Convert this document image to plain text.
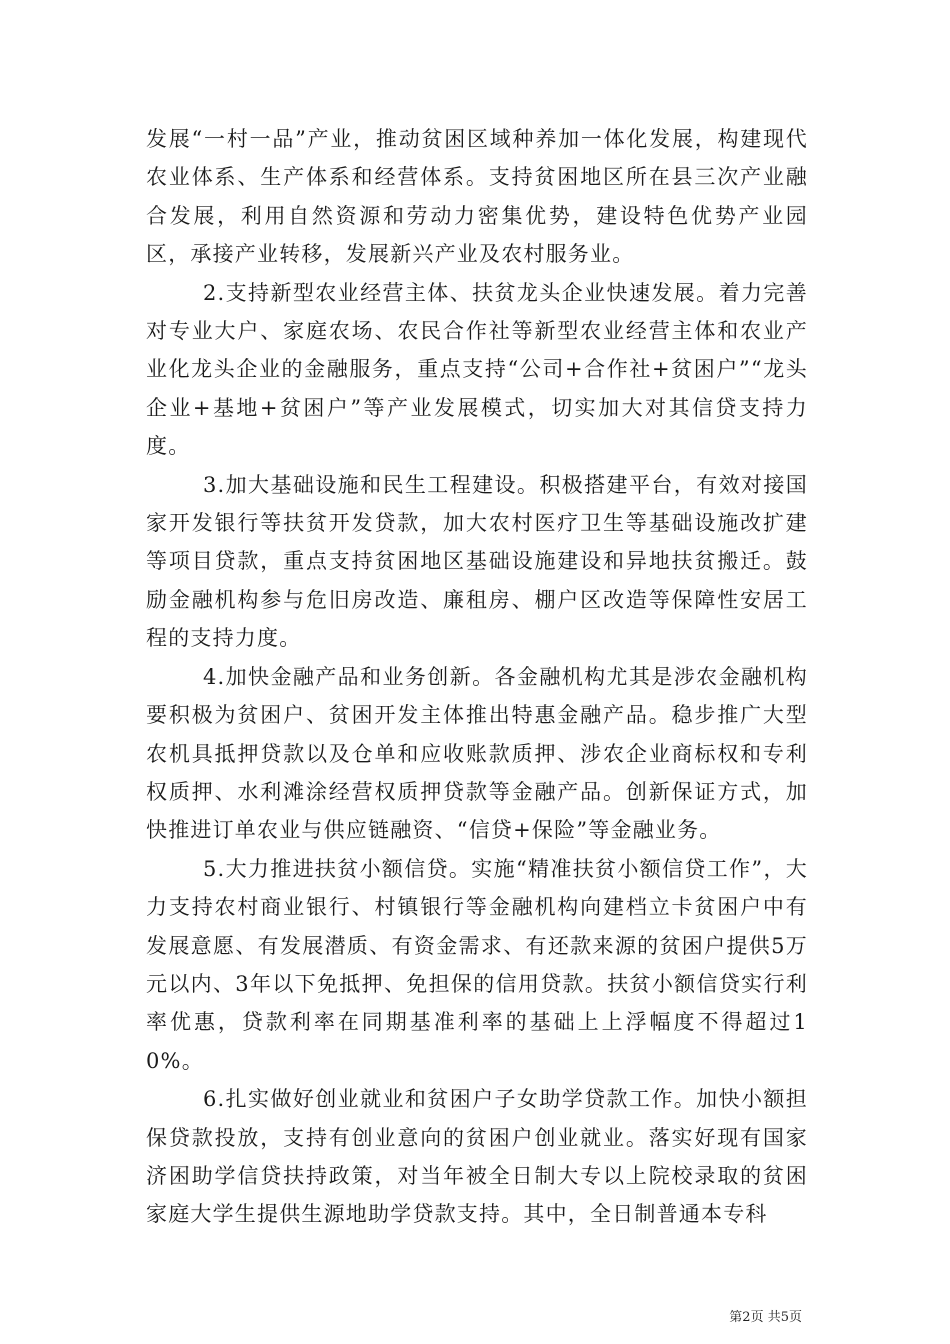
发展“一村一品”产业，推动贫困区域种养加一体化发展，构建现代农业体系、生产体系和经营体系。支持贫困地区所在县三次产业融合发展，利用自然资源和劳动力密集优势，建设特色优势产业园区，承接产业转移，发展新兴产业及农村服务业。

2.支持新型农业经营主体、扶贫龙头企业快速发展。着力完善对专业大户、家庭农场、农民合作社等新型农业经营主体和农业产业化龙头企业的金融服务，重点支持“公司+合作社+贫困户”“龙头企业+基地+贫困户”等产业发展模式，切实加大对其信贷支持力度。

3.加大基础设施和民生工程建设。积极搭建平台，有效对接国家开发银行等扶贫开发贷款，加大农村医疗卫生等基础设施改扩建等项目贷款，重点支持贫困地区基础设施建设和异地扶贫搬迁。鼓励金融机构参与危旧房改造、廉租房、棚户区改造等保障性安居工程的支持力度。

4.加快金融产品和业务创新。各金融机构尤其是涉农金融机构要积极为贫困户、贫困开发主体推出特惠金融产品。稳步推广大型农机具抵押贷款以及仓单和应收账款质押、涉农企业商标权和专利权质押、水利滩涂经营权质押贷款等金融产品。创新保证方式，加快推进订单农业与供应链融资、“信贷+保险”等金融业务。

5.大力推进扶贫小额信贷。实施“精准扶贫小额信贷工作”，大力支持农村商业银行、村镇银行等金融机构向建档立卡贫困户中有发展意愿、有发展潜质、有资金需求、有还款来源的贫困户提供5万元以内、3年以下免抵押、免担保的信用贷款。扶贫小额信贷实行利率优惠，贷款利率在同期基准利率的基础上上浮幅度不得超过10%。

6.扎实做好创业就业和贫困户子女助学贷款工作。加快小额担保贷款投放，支持有创业意向的贫困户创业就业。落实好现有国家济困助学信贷扶持政策，对当年被全日制大专以上院校录取的贫困家庭大学生提供生源地助学贷款支持。其中，全日制普通本专科

第2页 共5页
